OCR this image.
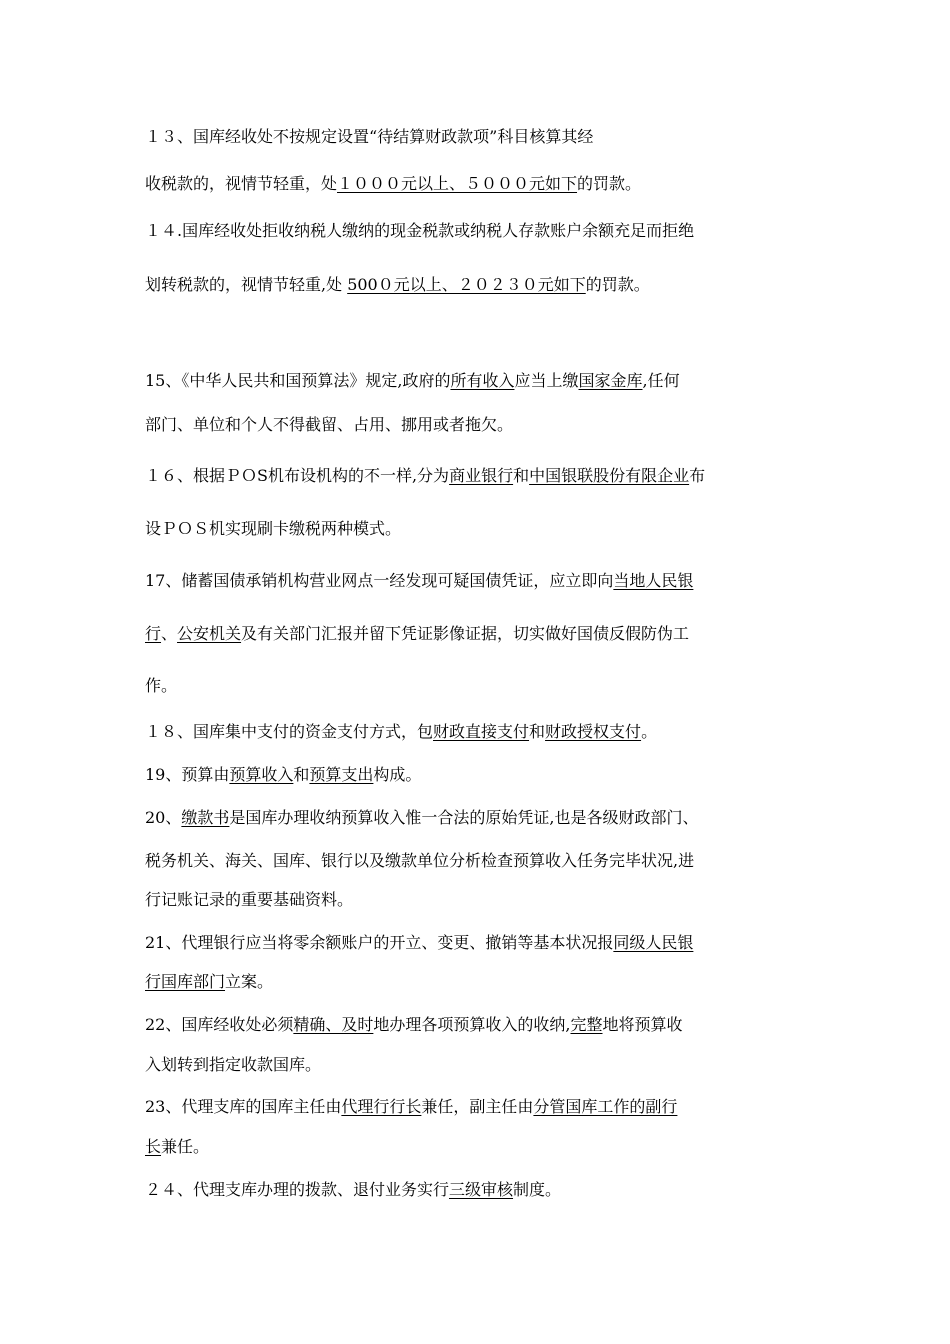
１３、国库经收处不按规定设置“待结算财政款项”科目核算其经
收税款的，视情节轻重，处１０００元以上、５０００元如下的罚款。
１４.国库经收处拒收纳税人缴纳的现金税款或纳税人存款账户余额充足而拒绝
划转税款的，视情节轻重,处 500０元以上、２０２３０元如下的罚款。
15、《中华人民共和国预算法》规定,政府的所有收入应当上缴国家金库,任何
部门、单位和个人不得截留、占用、挪用或者拖欠。
１６、根据ＰＯS机布设机构的不一样,分为商业银行和中国银联股份有限企业布
设ＰＯＳ机实现刷卡缴税两种模式。
17、储蓄国债承销机构营业网点一经发现可疑国债凭证，应立即向当地人民银
行、公安机关及有关部门汇报并留下凭证影像证据，切实做好国债反假防伪工
作。
１８、国库集中支付的资金支付方式，包财政直接支付和财政授权支付。
19、预算由预算收入和预算支出构成。
20、缴款书是国库办理收纳预算收入惟一合法的原始凭证,也是各级财政部门、
税务机关、海关、国库、银行以及缴款单位分析检查预算收入任务完毕状况,进
行记账记录的重要基础资料。
21、代理银行应当将零余额账户的开立、变更、撤销等基本状况报同级人民银
行国库部门立案。
22、国库经收处必须精确、及时地办理各项预算收入的收纳,完整地将预算收
入划转到指定收款国库。
23、代理支库的国库主任由代理行行长兼任，副主任由分管国库工作的副行
长兼任。
２４、代理支库办理的拨款、退付业务实行三级审核制度。
